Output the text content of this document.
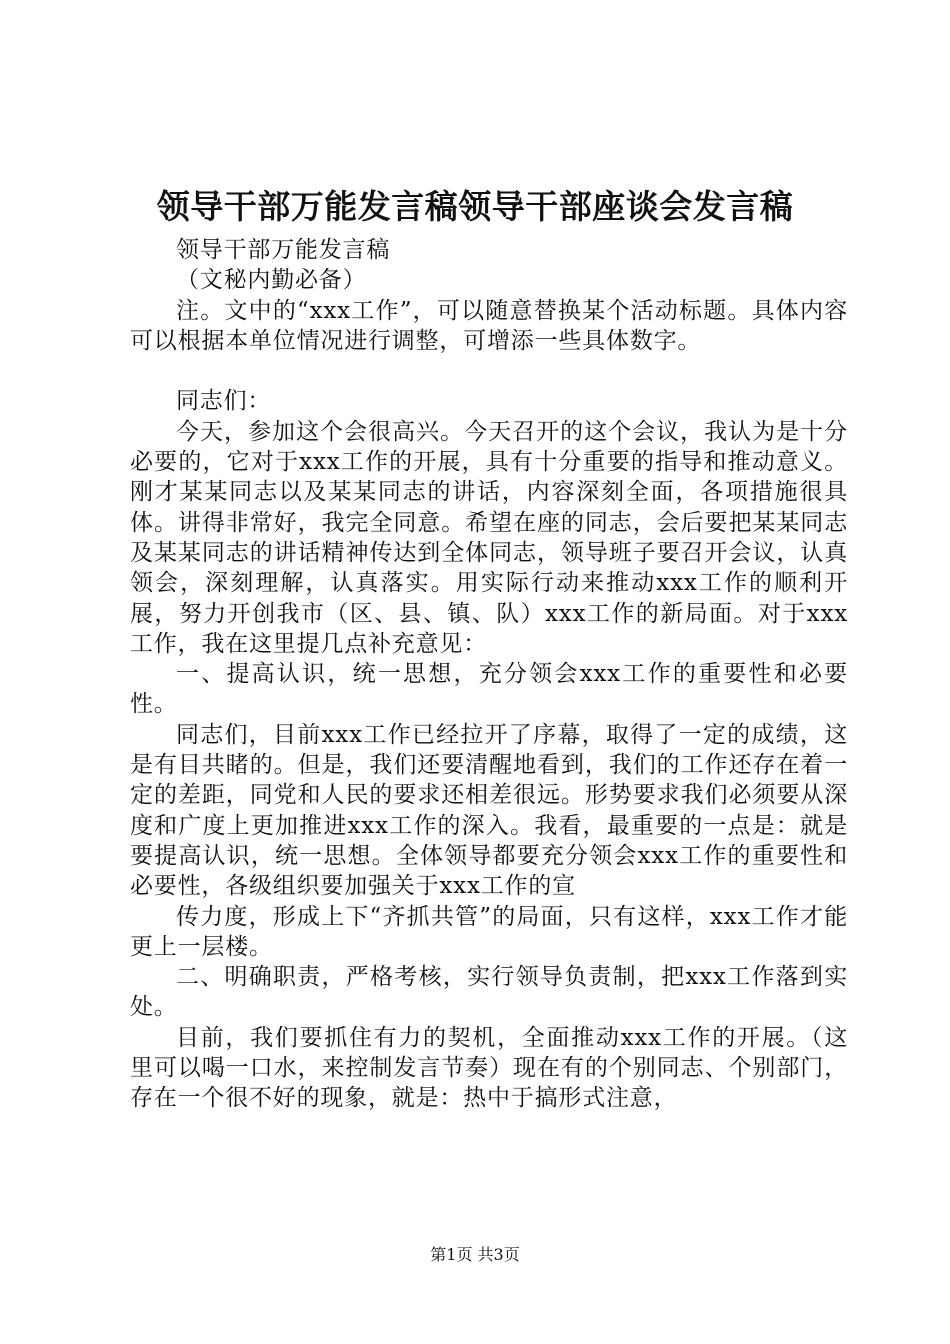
领导干部万能发言稿领导干部座谈会发言稿

领导干部万能发言稿

（文秘内勤必备）

注。文中的“xxx工作”，可以随意替换某个活动标题。具体内容可以根据本单位情况进行调整，可增添一些具体数字。

同志们：

今天，参加这个会很高兴。今天召开的这个会议，我认为是十分必要的，它对于xxx工作的开展，具有十分重要的指导和推动意义。刚才某某同志以及某某同志的讲话，内容深刻全面，各项措施很具体。讲得非常好，我完全同意。希望在座的同志，会后要把某某同志及某某同志的讲话精神传达到全体同志，领导班子要召开会议，认真领会，深刻理解，认真落实。用实际行动来推动xxx工作的顺利开展，努力开创我市（区、县、镇、队）xxx工作的新局面。对于xxx工作，我在这里提几点补充意见：

一、提高认识，统一思想，充分领会xxx工作的重要性和必要性。

同志们，目前xxx工作已经拉开了序幕，取得了一定的成绩，这是有目共睹的。但是，我们还要清醒地看到，我们的工作还存在着一定的差距，同党和人民的要求还相差很远。形势要求我们必须要从深度和广度上更加推进xxx工作的深入。我看，最重要的一点是：就是要提高认识，统一思想。全体领导都要充分领会xxx工作的重要性和必要性，各级组织要加强关于xxx工作的宣

传力度，形成上下“齐抓共管”的局面，只有这样，xxx工作才能更上一层楼。

二、明确职责，严格考核，实行领导负责制，把xxx工作落到实处。

目前，我们要抓住有力的契机，全面推动xxx工作的开展。（这里可以喝一口水，来控制发言节奏）现在有的个别同志、个别部门，存在一个很不好的现象，就是：热中于搞形式注意，

第1页 共3页
